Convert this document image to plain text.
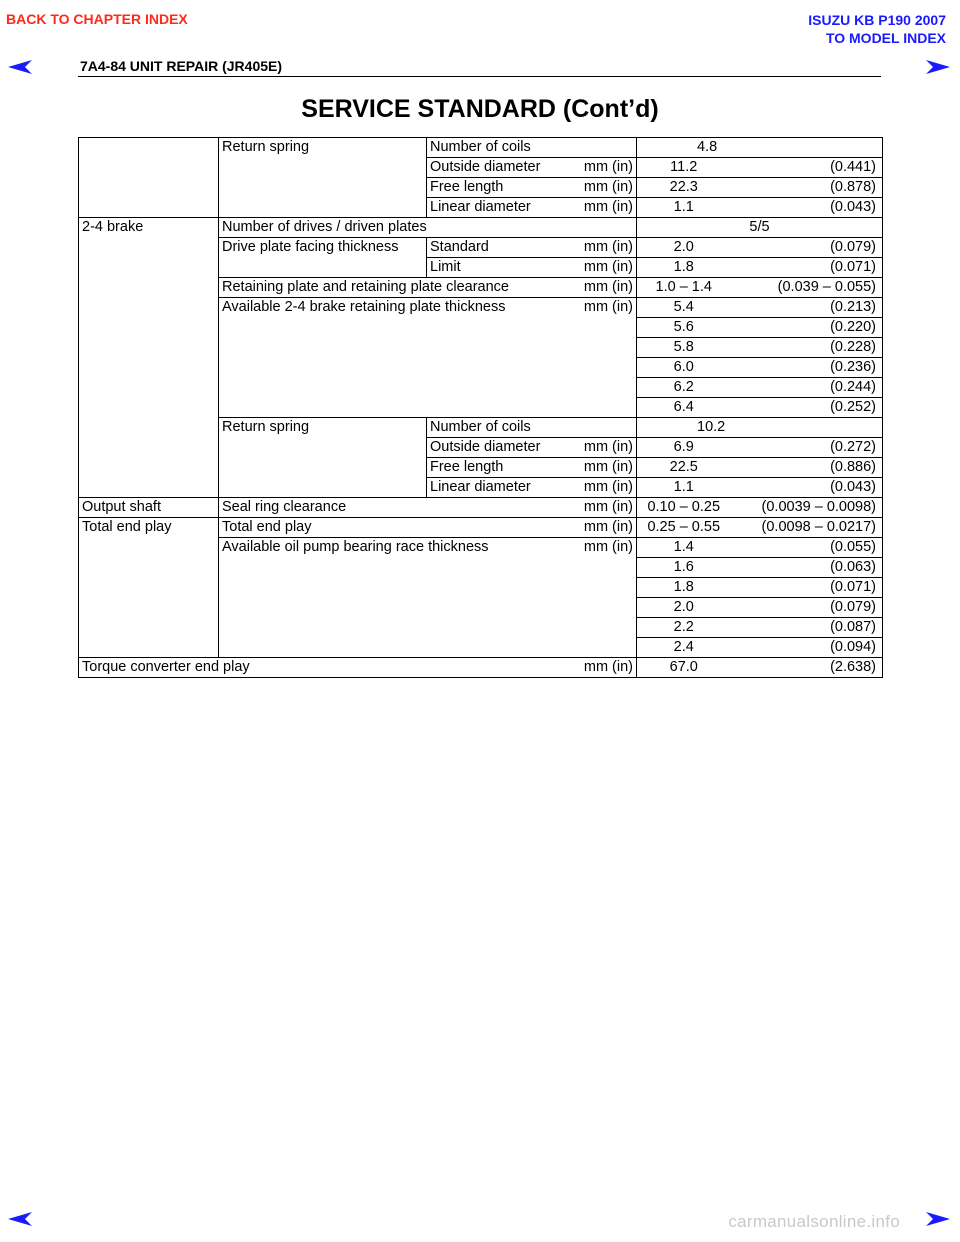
BACK TO CHAPTER INDEX	ISUZU KB P190 2007
TO MODEL INDEX
7A4-84 UNIT REPAIR (JR405E)
SERVICE STANDARD (Cont’d)
	Return spring	Number of coils	4.8	

		Outside diameter mm (in)	11.2	(0.441)

		Free length mm (in)	22.3	(0.878)

		Linear diameter mm (in)	1.1	(0.043)
2-4 brake	Number of drives / driven plates		5/5	
	Drive plate facing thickness	Standard mm (in)	2.0	(0.079)

		Limit mm (in)	1.8	(0.071)

	Retaining plate and retaining plate clearance mm (in)		1.0 – 1.4	(0.039 – 0.055)

	Available 2-4 brake retaining plate thickness mm (in)		5.4	(0.213)
			5.6	(0.220)
			5.8	(0.228)
			6.0	(0.236)
			6.2	(0.244)
			6.4	(0.252)
	Return spring	Number of coils	10.2	

		Outside diameter mm (in)	6.9	(0.272)

		Free length mm (in)	22.5	(0.886)

		Linear diameter mm (in)	1.1	(0.043)
Output shaft	Seal ring clearance mm (in)		0.10 – 0.25	(0.0039 – 0.0098)
Total end play	Total end play mm (in)		0.25 – 0.55	(0.0098 – 0.0217)

	Available oil pump bearing race thickness mm (in)		1.4	(0.055)
			1.6	(0.063)
			1.8	(0.071)
			2.0	(0.079)
			2.2	(0.087)
			2.4	(0.094)

Torque converter end play mm (in)			67.0	(2.638)
carmanualsonline.info
